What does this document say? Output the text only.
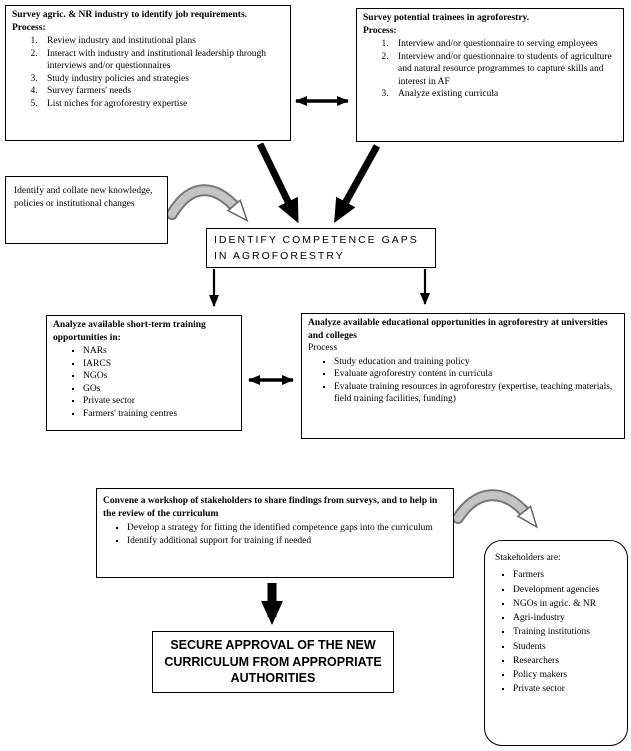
Survey agric. & NR industry to identify job requirements.
Process:
1. Review industry and institutional plans
2. Interact with industry and institutional leadership through interviews and/or questionnaires
3. Study industry policies and strategies
4. Survey farmers' needs
5. List niches for agroforestry expertise
Survey potential trainees in agroforestry.
Process:
1. Interview and/or questionnaire to serving employees
2. Interview and/or questionnaire to students of agriculture and natural resource programmes to capture skills and interest in AF
3. Analyze existing curricula
Identify and collate new knowledge, policies or institutional changes
IDENTIFY COMPETENCE GAPS IN AGROFORESTRY
Analyze available short-term training opportunities in:
▪ NARs
▪ IARCS
▪ NGOs
▪ GOs
▪ Private sector
▪ Farmers' training centres
Analyze available educational opportunities in agroforestry at universities and colleges
Process
▪ Study education and training policy
▪ Evaluate agroforestry content in curricula
▪ Evaluate training resources in agroforestry (expertise, teaching materials, field training facilities, funding)
Convene a workshop of stakeholders to share findings from surveys, and to help in the review of the curriculum
▪ Develop a strategy for fitting the identified competence gaps into the curriculum
▪ Identify additional support for training if needed
Stakeholders are:
▪ Farmers
▪ Development agencies
▪ NGOs in agric. & NR
▪ Agri-industry
▪ Training institutions
▪ Students
▪ Researchers
▪ Policy makers
▪ Private sector
SECURE APPROVAL OF THE NEW CURRICULUM FROM APPROPRIATE AUTHORITIES
